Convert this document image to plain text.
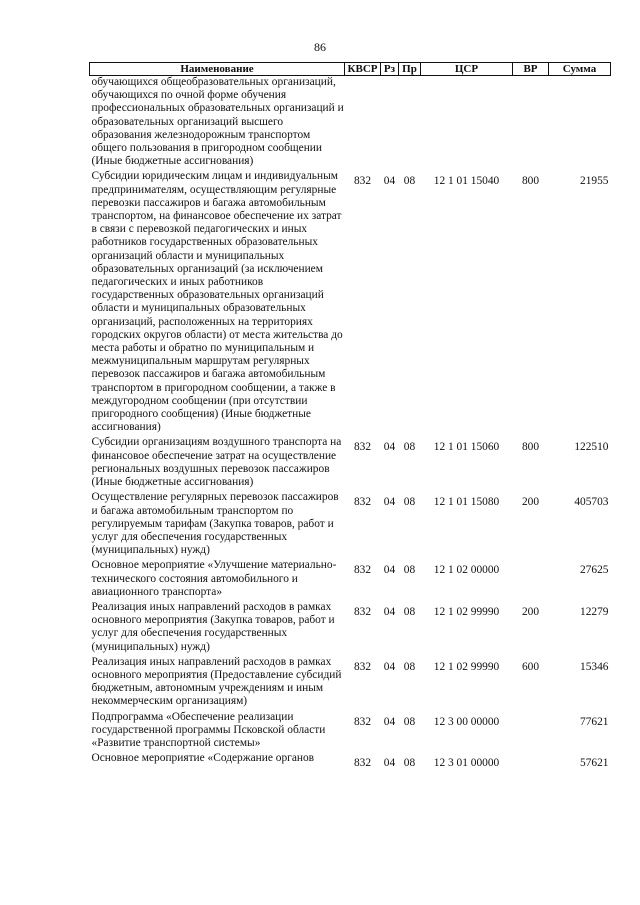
86
Наименование	КВСР	Рз	Пр	ЦСР	ВР	Сумма
обучающихся общеобразовательных организаций, обучающихся по очной форме обучения профессиональных образовательных организаций и образовательных организаций высшего образования железнодорожным транспортом общего пользования в пригородном сообщении (Иные бюджетные ассигнования)						
Субсидии юридическим лицам и индивидуальным предпринимателям, осуществляющим регулярные перевозки пассажиров и багажа автомобильным транспортом, на финансовое обеспечение их затрат в связи с перевозкой педагогических и иных работников государственных образовательных организаций области и муниципальных образовательных организаций (за исключением педагогических и иных работников государственных образовательных организаций области и муниципальных образовательных организаций, расположенных на территориях городских округов области) от места жительства до места работы и обратно по муниципальным и межмуниципальным маршрутам регулярных перевозок пассажиров и багажа автомобильным транспортом в пригородном сообщении, а также в междугородном сообщении (при отсутствии пригородного сообщения) (Иные бюджетные ассигнования)	832	04	08	12 1 01 15040	800	21955
Субсидии организациям воздушного транспорта на финансовое обеспечение затрат на осуществление региональных воздушных перевозок пассажиров (Иные бюджетные ассигнования)	832	04	08	12 1 01 15060	800	122510
Осуществление регулярных перевозок пассажиров и багажа автомобильным транспортом по регулируемым тарифам (Закупка товаров, работ и услуг для обеспечения государственных (муниципальных) нужд)	832	04	08	12 1 01 15080	200	405703
Основное мероприятие «Улучшение материально-технического состояния автомобильного и авиационного транспорта»	832	04	08	12 1 02 00000		27625
Реализация иных направлений расходов в рамках основного мероприятия (Закупка товаров, работ и услуг для обеспечения государственных (муниципальных) нужд)	832	04	08	12 1 02 99990	200	12279
Реализация иных направлений расходов в рамках основного мероприятия (Предоставление субсидий бюджетным, автономным учреждениям и иным некоммерческим организациям)	832	04	08	12 1 02 99990	600	15346
Подпрограмма «Обеспечение реализации государственной программы Псковской области «Развитие транспортной системы»	832	04	08	12 3 00 00000		77621
Основное мероприятие «Содержание органов	832	04	08	12 3 01 00000		57621
